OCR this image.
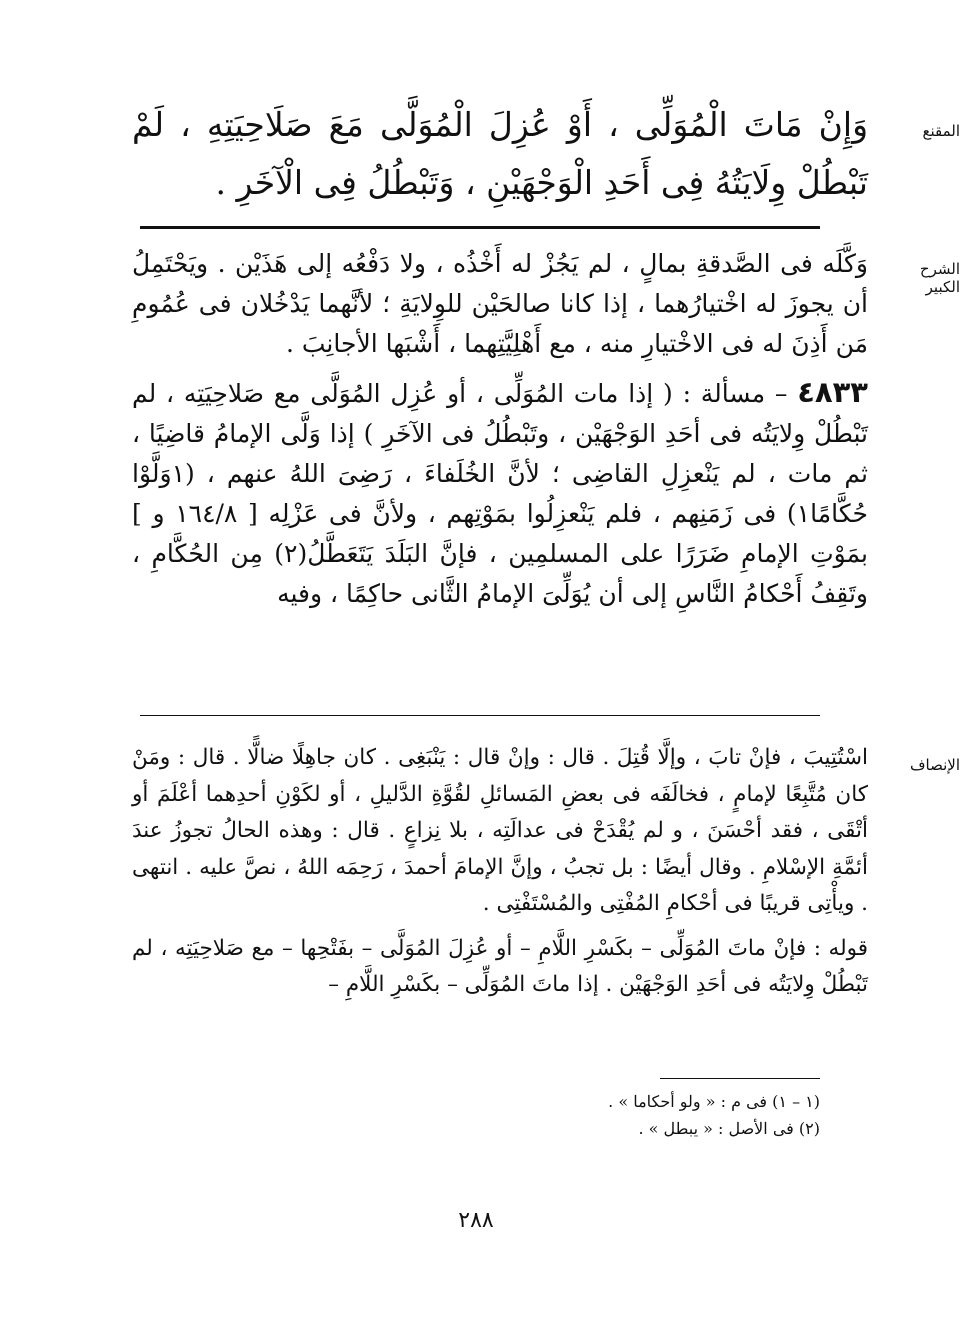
المقنع

وَإِنْ مَاتَ الْمُوَلِّى ، أَوْ عُزِلَ الْمُوَلَّى مَعَ صَلَاحِيَتِهِ ، لَمْ تَبْطُلْ وِلَايَتُهُ فِى أَحَدِ الْوَجْهَيْنِ ، وَتَبْطُلُ فِى الْآخَرِ .

الشرح الكبير

وَكَّلَه فى الصَّدقةِ بمالٍ ، لم يَجُزْ له أَخْذُه ، ولا دَفْعُه إلى هَذَيْن . ويَحْتَمِلُ أن يجوزَ له اخْتيارُهما ، إذا كانا صالحَيْن للوِلايَةِ ؛ لأنَّهما يَدْخُلان فى عُمُومِ مَن أَذِنَ له فى الاخْتيارِ منه ، مع أَهْلِيَّتِهما ، أَشْبَها الأجانِبَ .

٤٨٣٣ – مسألة : ( إذا مات المُوَلِّى ، أو عُزِل المُوَلَّى مع صَلاحِيَتِه ، لم تَبْطُلْ وِلايَتُه فى أحَدِ الوَجْهَيْن ، وتَبْطُلُ فى الآخَرِ ) إذا وَلَّى الإمامُ قاضِيًا ، ثم مات ، لم يَنْعزِلِ القاضِى ؛ لأنَّ الخُلَفاءَ ، رَضِىَ اللهُ عنهم ، (١وَلَّوْا حُكَّامًا١) فى زَمَنِهم ، فلم يَنْعزِلُوا بمَوْتِهم ، ولأنَّ فى عَزْلِه [ ١٦٤/٨ و ] بمَوْتِ الإمامِ ضَرَرًا على المسلمِين ، فإنَّ البَلَدَ يَتَعَطَّلُ(٢) مِن الحُكَّامِ ، وتَقِفُ أَحْكامُ النَّاسِ إلى أن يُوَلِّىَ الإمامُ الثَّانى حاكِمًا ، وفيه

الإنصاف

اسْتُتِيبَ ، فإنْ تابَ ، وإلَّا قُتِلَ . قال : وإنْ قال : يَنْبَغِى . كان جاهِلًا ضالًّا . قال : ومَنْ كان مُتَّبِعًا لإمامٍ ، فخالَفَه فى بعضِ المَسائلِ لقُوَّةِ الدَّليلِ ، أو لكَوْنِ أحدِهما أعْلَمَ أو أتْقَى ، فقد أحْسَنَ ، و لم يُقْدَحْ فى عدالَتِه ، بلا نِزاعٍ . قال : وهذه الحالُ تجوزُ عندَ أئمَّةِ الإسْلامِ . وقال أيضًا : بل تجبُ ، وإنَّ الإمامَ أحمدَ ، رَحِمَه اللهُ ، نصَّ عليه . انتهى . ويأْتِى قريبًا فى أحْكامِ المُفْتِى والمُسْتَفْتِى .

قوله : فإنْ ماتَ المُوَلِّى – بكَسْرِ اللَّامِ – أو عُزِلَ المُوَلَّى – بفَتْحِها – مع صَلاحِيَتِه ، لم تَبْطُلْ وِلايَتُه فى أحَدِ الوَجْهَيْن . إذا ماتَ المُوَلِّى – بكَسْرِ اللَّامِ –

(١ – ١) فى م : « ولو أحكاما » .

(٢) فى الأصل : « يبطل » .

٢٨٨
